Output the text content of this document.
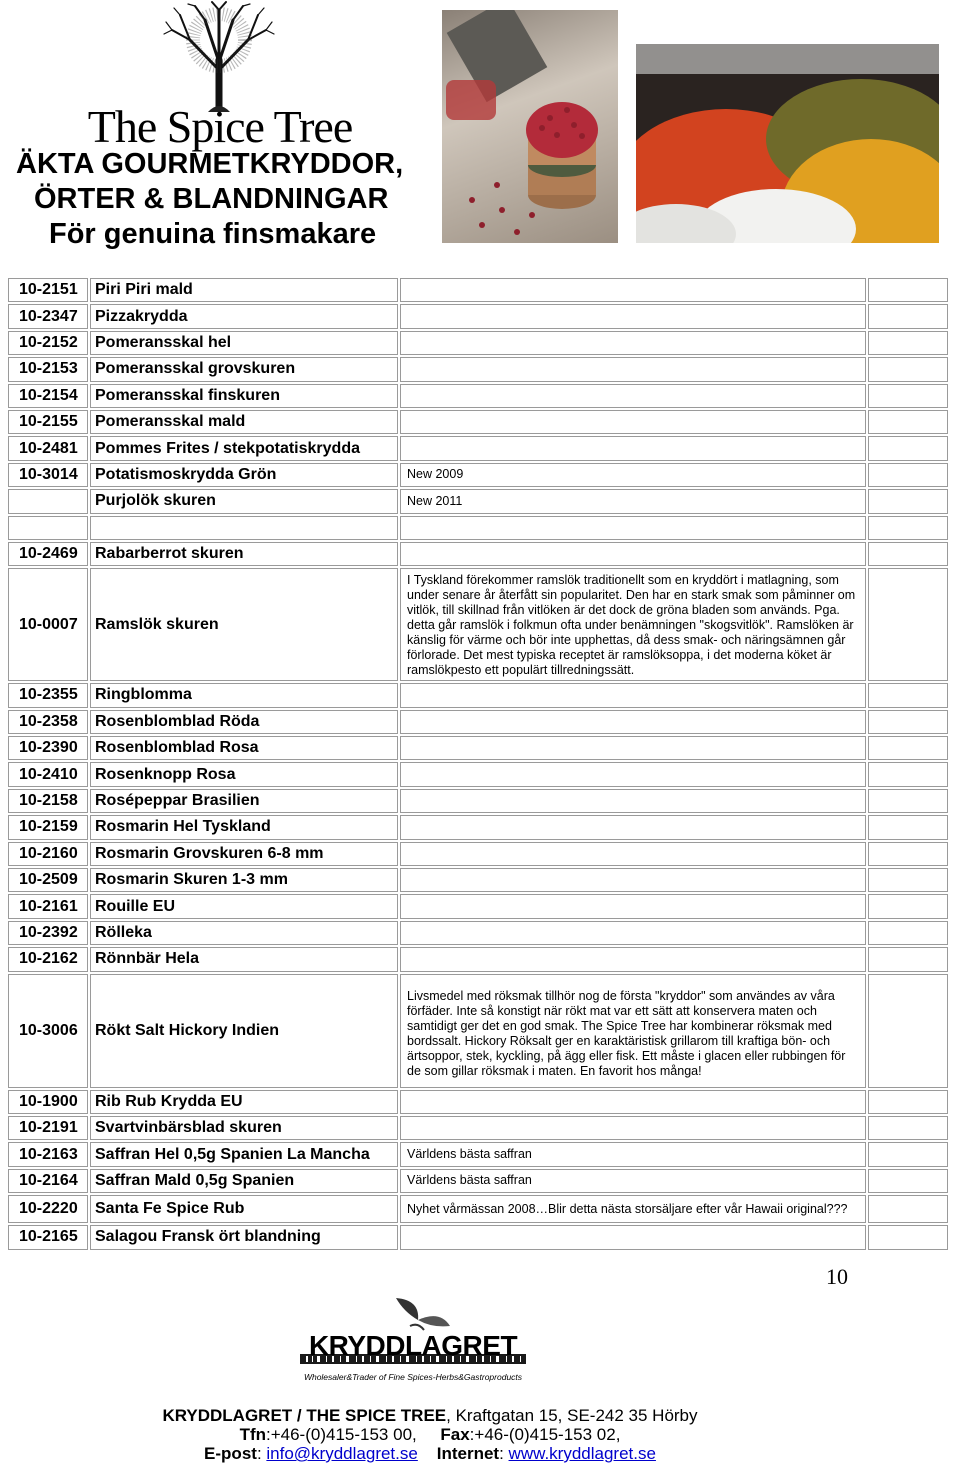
The Spice Tree
ÄKTA GOURMETKRYDDOR,
ÖRTER & BLANDNINGAR
För genuina finsmakare
10-2151	Piri Piri mald		
10-2347	Pizzakrydda		
10-2152	Pomeransskal hel		
10-2153	Pomeransskal grovskuren		
10-2154	Pomeransskal finskuren		
10-2155	Pomeransskal mald		
10-2481	Pommes Frites / stekpotatiskrydda		
10-3014	Potatismoskrydda Grön	New 2009	
	Purjolök skuren	New 2011	

10-2469	Rabarberrot skuren		
10-0007	Ramslök skuren	I Tyskland förekommer ramslök traditionellt som en kryddört i matlagning, som under senare år återfått sin popularitet. Den har en stark smak som påminner om vitlök, till skillnad från vitlöken är det dock de gröna bladen som används. Pga. detta går ramslök i folkmun ofta under benämningen "skogsvitlök". Ramslöken är känslig för värme och bör inte upphettas, då dess smak- och näringsämnen går förlorade. Det mest typiska receptet är ramslöksoppa, i det moderna köket är ramslökpesto ett populärt tillredningssätt.	
10-2355	Ringblomma		
10-2358	Rosenblomblad Röda		
10-2390	Rosenblomblad Rosa		
10-2410	Rosenknopp Rosa		
10-2158	Rosépeppar Brasilien		
10-2159	Rosmarin Hel Tyskland		
10-2160	Rosmarin Grovskuren 6-8 mm		
10-2509	Rosmarin Skuren 1-3 mm		
10-2161	Rouille EU		
10-2392	Rölleka		
10-2162	Rönnbär Hela		
10-3006	Rökt Salt Hickory Indien	Livsmedel med röksmak tillhör nog de första "kryddor" som användes av våra förfäder. Inte så konstigt när rökt mat var ett sätt att konservera maten och samtidigt ger det en god smak. The Spice Tree har kombinerar röksmak med bordssalt. Hickory Röksalt ger en karaktäristisk grillarom till kraftiga bön- och ärtsoppor, stek, kyckling, på ägg eller fisk. Ett måste i glacen eller rubbingen för de som gillar röksmak i maten. En favorit hos många!	
10-1900	Rib Rub Krydda EU		
10-2191	Svartvinbärsblad skuren		
10-2163	Saffran Hel 0,5g Spanien La Mancha	Världens bästa saffran	
10-2164	Saffran Mald 0,5g Spanien	Världens bästa saffran	
10-2220	Santa Fe Spice Rub	Nyhet vårmässan 2008…Blir detta nästa storsäljare efter vår Hawaii original???	
10-2165	Salagou Fransk ört blandning		
10
KRYDDLAGRET
Wholesaler&Trader of Fine Spices-Herbs&Gastroproducts
KRYDDLAGRET / THE SPICE TREE, Kraftgatan 15, SE-242 35 Hörby
Tfn:+46-(0)415-153 00, Fax:+46-(0)415-153 02,
E-post: info@kryddlagret.se Internet: www.kryddlagret.se
